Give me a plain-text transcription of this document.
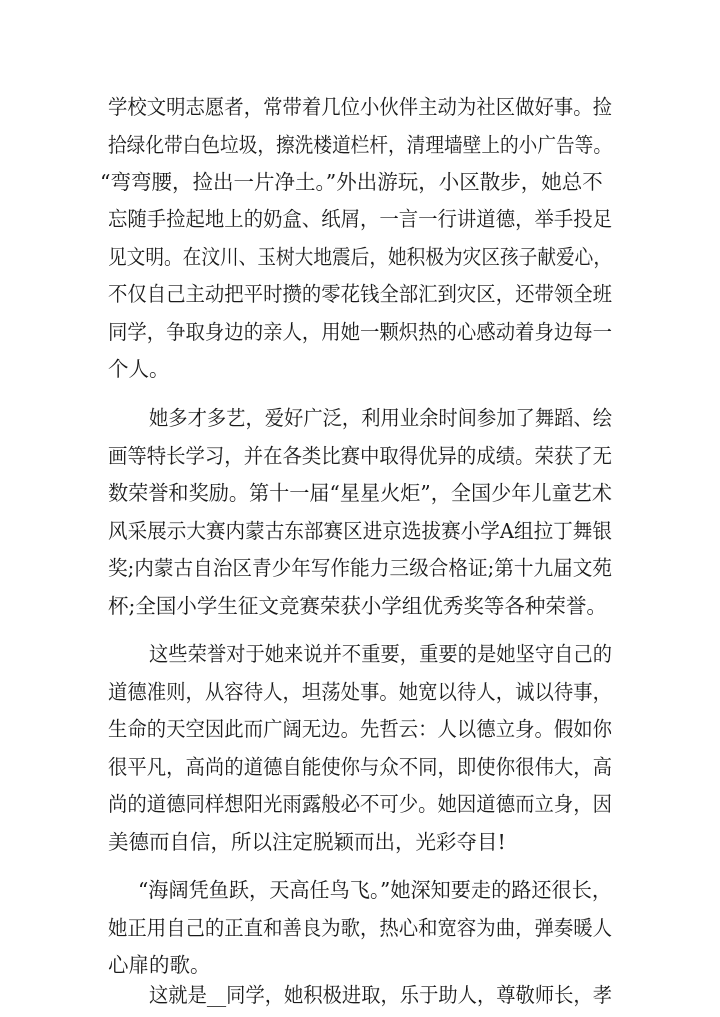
学校文明志愿者，常带着几位小伙伴主动为社区做好事。捡
拾绿化带白色垃圾，擦洗楼道栏杆，清理墙壁上的小广告等。
“弯弯腰，捡出一片净土。”外出游玩，小区散步，她总不
忘随手捡起地上的奶盒、纸屑，一言一行讲道德，举手投足
见文明。在汶川、玉树大地震后，她积极为灾区孩子献爱心，
不仅自己主动把平时攒的零花钱全部汇到灾区，还带领全班
同学，争取身边的亲人，用她一颗炽热的心感动着身边每一
个人。
她多才多艺，爱好广泛，利用业余时间参加了舞蹈、绘
画等特长学习，并在各类比赛中取得优异的成绩。荣获了无
数荣誉和奖励。第十一届“星星火炬”，全国少年儿童艺术
风采展示大赛内蒙古东部赛区进京选拔赛小学A组拉丁舞银
奖;内蒙古自治区青少年写作能力三级合格证;第十九届文苑
杯;全国小学生征文竞赛荣获小学组优秀奖等各种荣誉。
这些荣誉对于她来说并不重要，重要的是她坚守自己的
道德准则，从容待人，坦荡处事。她宽以待人，诚以待事，
生命的天空因此而广阔无边。先哲云：人以德立身。假如你
很平凡，高尚的道德自能使你与众不同，即使你很伟大，高
尚的道德同样想阳光雨露般必不可少。她因道德而立身，因
美德而自信，所以注定脱颖而出，光彩夺目!
“海阔凭鱼跃，天高任鸟飞。”她深知要走的路还很长，
她正用自己的正直和善良为歌，热心和宽容为曲，弹奏暖人
心扉的歌。
这就是__同学，她积极进取，乐于助人，尊敬师长，孝
